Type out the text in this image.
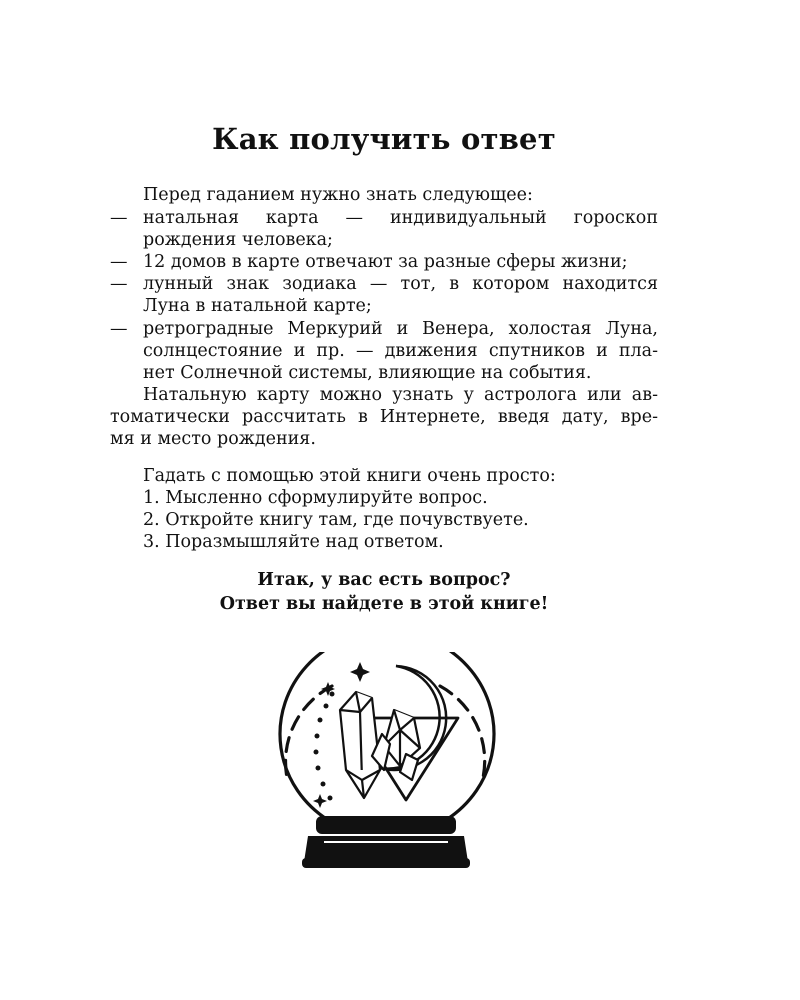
Как получить ответ
Перед гаданием нужно знать следующее:
— натальная карта — индивидуальный гороскоп
рождения человека;
— 12 домов в карте отвечают за разные сферы жизни;
— лунный знак зодиака — тот, в котором находится
Луна в натальной карте;
— ретроградные Меркурий и Венера, холостая Луна,
солнцестояние и пр. — движения спутников и пла-
нет Солнечной системы, влияющие на события.
Натальную карту можно узнать у астролога или ав-
томатически рассчитать в Интернете, введя дату, вре-
мя и место рождения.
Гадать с помощью этой книги очень просто:
1. Мысленно сформулируйте вопрос.
2. Откройте книгу там, где почувствуете.
3. Поразмышляйте над ответом.
Итак, у вас есть вопрос?
Ответ вы найдете в этой книге!
